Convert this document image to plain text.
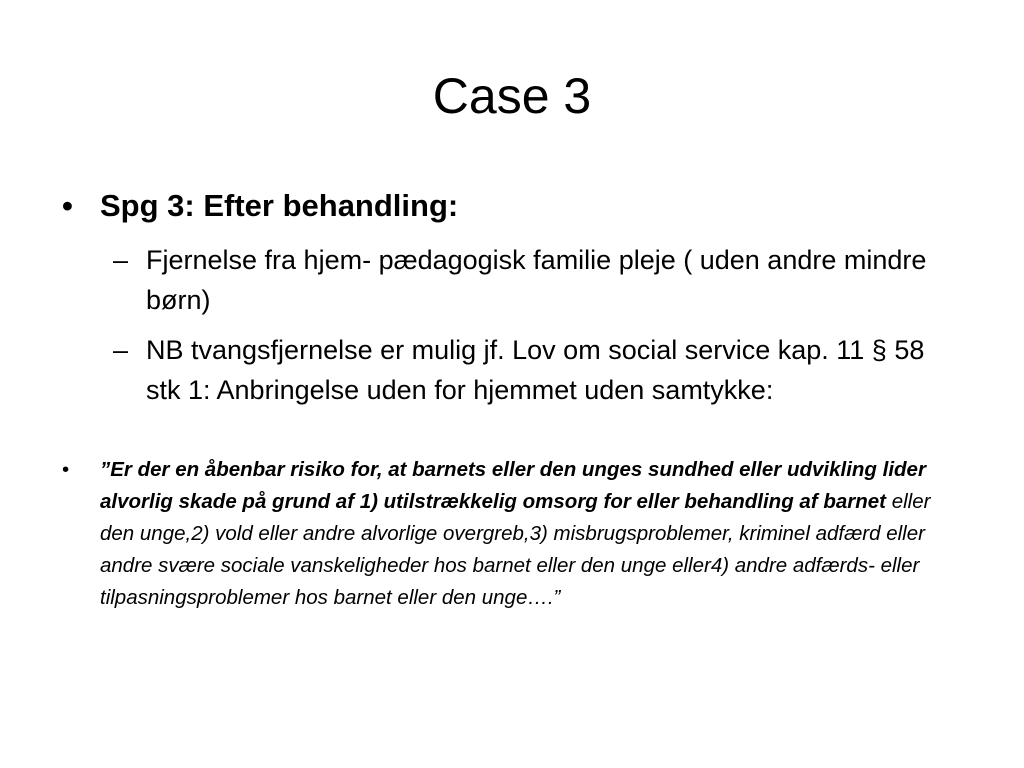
Case 3
• Spg 3: Efter behandling:
– Fjernelse fra hjem- pædagogisk familie pleje ( uden andre mindre børn)
– NB tvangsfjernelse er mulig jf. Lov om social service kap. 11 § 58 stk 1: Anbringelse uden for hjemmet uden samtykke:
• ”Er der en åbenbar risiko for, at barnets eller den unges sundhed eller udvikling lider alvorlig skade på grund af 1) utilstrækkelig omsorg for eller behandling af barnet eller den unge,2) vold eller andre alvorlige overgreb,3) misbrugsproblemer, kriminel adfærd eller andre svære sociale vanskeligheder hos barnet eller den unge eller4) andre adfærds- eller tilpasningsproblemer hos barnet eller den unge….”
